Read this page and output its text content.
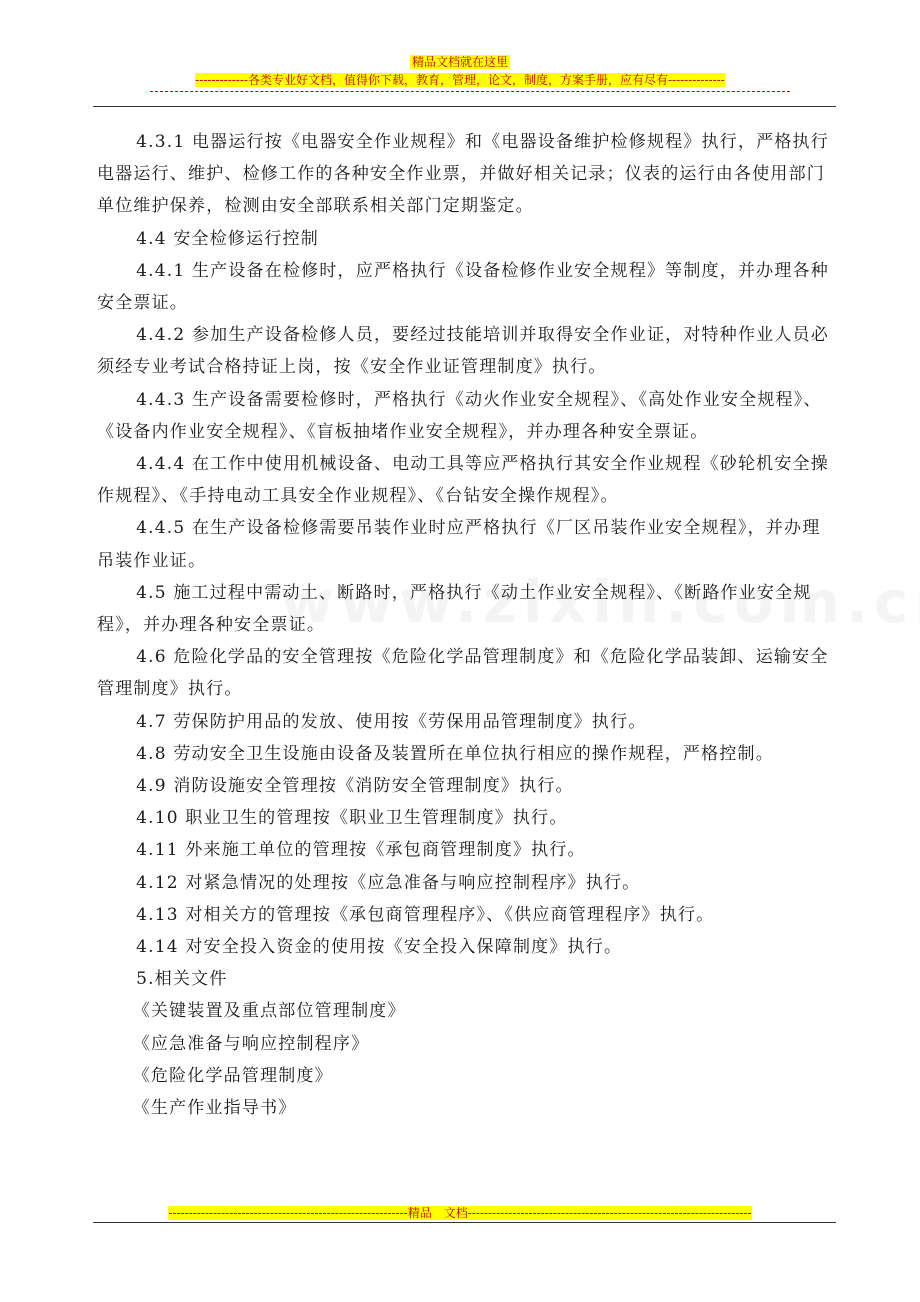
精品文档就在这里
-------------各类专业好文档，值得你下载，教育，管理，论文，制度，方案手册，应有尽有--------------

4.3.1 电器运行按《电器安全作业规程》和《电器设备维护检修规程》执行，严格执行电器运行、维护、检修工作的各种安全作业票，并做好相关记录；仪表的运行由各使用部门单位维护保养，检测由安全部联系相关部门定期鉴定。

4.4 安全检修运行控制

4.4.1 生产设备在检修时，应严格执行《设备检修作业安全规程》等制度，并办理各种安全票证。

4.4.2 参加生产设备检修人员，要经过技能培训并取得安全作业证，对特种作业人员必须经专业考试合格持证上岗，按《安全作业证管理制度》执行。

4.4.3 生产设备需要检修时，严格执行《动火作业安全规程》、《高处作业安全规程》、《设备内作业安全规程》、《盲板抽堵作业安全规程》，并办理各种安全票证。

4.4.4 在工作中使用机械设备、电动工具等应严格执行其安全作业规程《砂轮机安全操作规程》、《手持电动工具安全作业规程》、《台钻安全操作规程》。

4.4.5 在生产设备检修需要吊装作业时应严格执行《厂区吊装作业安全规程》，并办理吊装作业证。

4.5 施工过程中需动土、断路时，严格执行《动土作业安全规程》、《断路作业安全规程》，并办理各种安全票证。

4.6 危险化学品的安全管理按《危险化学品管理制度》和《危险化学品装卸、运输安全管理制度》执行。

4.7 劳保防护用品的发放、使用按《劳保用品管理制度》执行。

4.8 劳动安全卫生设施由设备及装置所在单位执行相应的操作规程，严格控制。

4.9 消防设施安全管理按《消防安全管理制度》执行。

4.10 职业卫生的管理按《职业卫生管理制度》执行。

4.11 外来施工单位的管理按《承包商管理制度》执行。

4.12 对紧急情况的处理按《应急准备与响应控制程序》执行。

4.13 对相关方的管理按《承包商管理程序》、《供应商管理程序》执行。

4.14 对安全投入资金的使用按《安全投入保障制度》执行。

5.相关文件

《关键装置及重点部位管理制度》

《应急准备与响应控制程序》

《危险化学品管理制度》

《生产作业指导书》

-----------------------------------------------------------精品　文档----------------------------------------------------------------------
